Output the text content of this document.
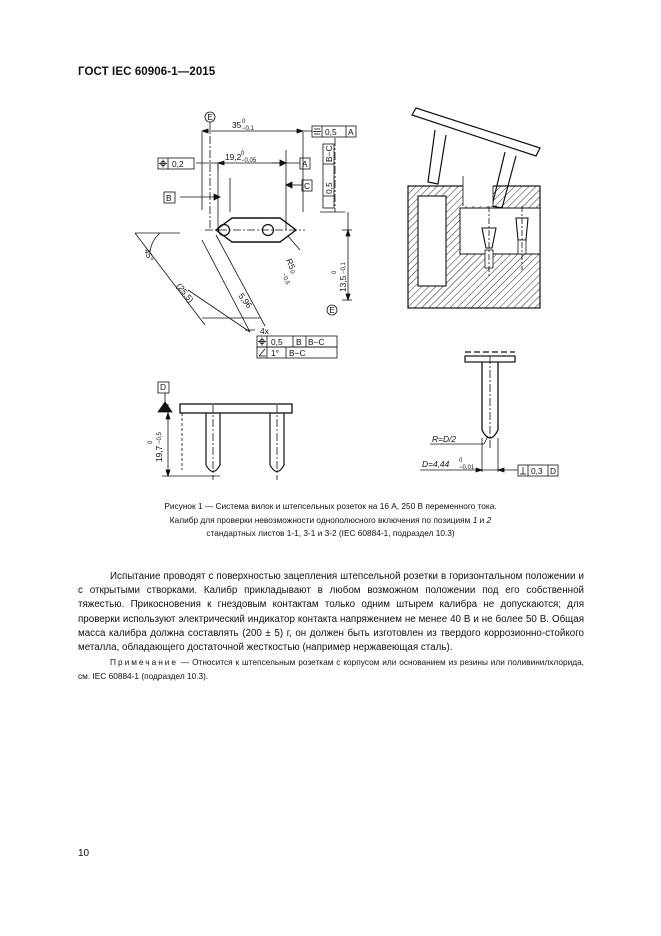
ГОСТ IEC 60906-1—2015
E
E
35 0
−0,1	0,5 A
19,2 0
−0,05
0,2	A
C
B
0,5
B−C
13,5
0 −0,1
R5
0
−0,5
45°
(25,5)	5,96
4x
0,5 B B−C
1° B−C
D
19,7
0 −0,5	R=D/2
D=4,44 0
−0,01	0,3 D
Рисунок 1 — Система вилок и штепсельных розеток на 16 А, 250 В переменного тока.
Калибр для проверки невозможности однополюсного включения по позициям 1 и 2
стандартных листов 1-1, 3-1 и 3-2 (IEC 60884-1, подраздел 10.3)

Испытание проводят с поверхностью зацепления штепсельной розетки в горизонтальном положении и с открытыми створками. Калибр прикладывают в любом возможном положении под его собственной тяжестью. Прикосновения к гнездовым контактам только одним штырем калибра не допускаются; для проверки используют электрический индикатор контакта напряжением не менее 40 В и не более 50 В. Общая масса калибра должна составлять (200 ± 5) г, он должен быть изготовлен из твердого коррозионно-стойкого металла, обладающего достаточной жесткостью (например нержавеющая сталь).

Примечание — Относится к штепсельным розеткам с корпусом или основанием из резины или поливинилхлорида, см. IEC 60884-1 (подраздел 10.3).

10
